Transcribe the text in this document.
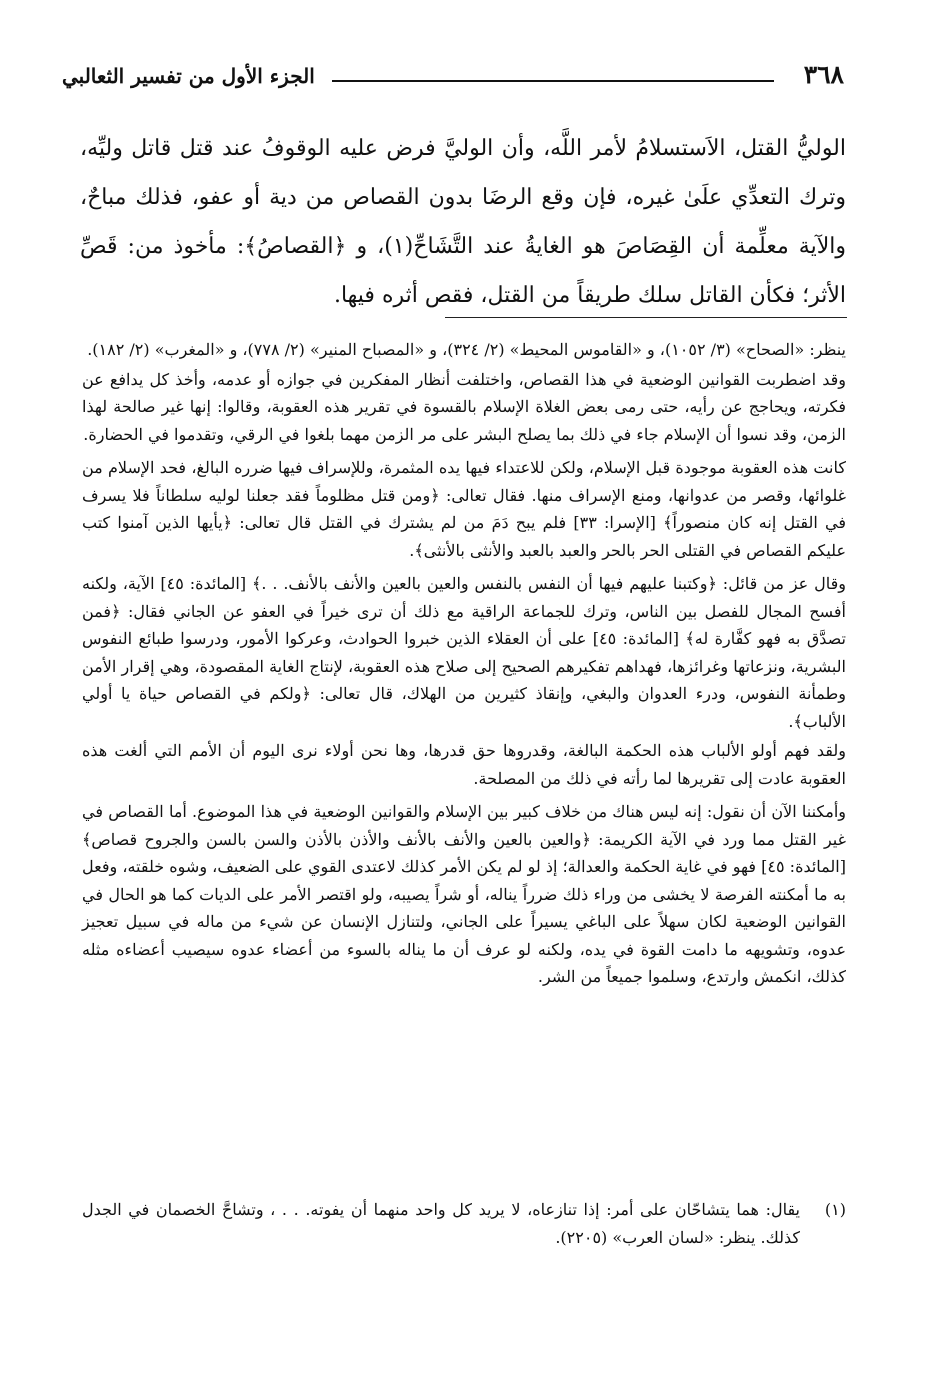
٣٦٨
الجزء الأول من تفسير الثعالبي

الوليُّ القتل، الاَستسلامُ لأمر اللَّه، وأن الوليَّ فرض عليه الوقوفُ عند قتل قاتل وليِّه، وترك التعدِّي علَىٰ غيره، فإن وقع الرضَا بدون القصاص من دية أو عفو، فذلك مباحٌ، والآية معلِّمة أن القِصَاصَ هو الغايةُ عند التَّشَاحِّ(١)، و ﴿القصاصُ﴾: مأخوذ من: قَصِّ الأثر؛ فكأن القاتل سلك طريقاً من القتل، فقص أثره فيها.

ينظر: «الصحاح» (٣/ ١٠٥٢)، و «القاموس المحيط» (٢/ ٣٢٤)، و «المصباح المنير» (٢/ ٧٧٨)، و «المغرب» (٢/ ١٨٢).

وقد اضطربت القوانين الوضعية في هذا القصاص، واختلفت أنظار المفكرين في جوازه أو عدمه، وأخذ كل يدافع عن فكرته، ويحاجج عن رأيه، حتى رمى بعض الغلاة الإسلام بالقسوة في تقرير هذه العقوبة، وقالوا: إنها غير صالحة لهذا الزمن، وقد نسوا أن الإسلام جاء في ذلك بما يصلح البشر على مر الزمن مهما بلغوا في الرقي، وتقدموا في الحضارة.

كانت هذه العقوبة موجودة قبل الإسلام، ولكن للاعتداء فيها يده المثمرة، وللإسراف فيها ضرره البالغ، فحد الإسلام من غلوائها، وقصر من عدوانها، ومنع الإسراف منها. فقال تعالى: ﴿ومن قتل مظلوماً فقد جعلنا لوليه سلطاناً فلا يسرف في القتل إنه كان منصوراً﴾ [الإسرا: ٣٣] فلم يبح دَمَ من لم يشترك في القتل قال تعالى: ﴿يأيها الذين آمنوا كتب عليكم القصاص في القتلى الحر بالحر والعبد بالعبد والأنثى بالأنثى﴾.

وقال عز من قائل: ﴿وكتبنا عليهم فيها أن النفس بالنفس والعين بالعين والأنف بالأنف. . .﴾ [المائدة: ٤٥] الآية، ولكنه أفسح المجال للفصل بين الناس، وترك للجماعة الراقية مع ذلك أن ترى خيراً في العفو عن الجاني فقال: ﴿فمن تصدَّق به فهو كفَّارة له﴾ [المائدة: ٤٥] على أن العقلاء الذين خبروا الحوادث، وعركوا الأمور، ودرسوا طبائع النفوس البشرية، ونزعاتها وغرائزها، فهداهم تفكيرهم الصحيح إلى صلاح هذه العقوبة، لإنتاج الغاية المقصودة، وهي إقرار الأمن وطمأنة النفوس، ودرء العدوان والبغي، وإنقاذ كثيرين من الهلاك، قال تعالى: ﴿ولكم في القصاص حياة يا أولي الألباب﴾.

ولقد فهم أولو الألباب هذه الحكمة البالغة، وقدروها حق قدرها، وها نحن أولاء نرى اليوم أن الأمم التي ألغت هذه العقوبة عادت إلى تقريرها لما رأته في ذلك من المصلحة.

وأمكننا الآن أن نقول: إنه ليس هناك من خلاف كبير بين الإسلام والقوانين الوضعية في هذا الموضوع. أما القصاص في غير القتل مما ورد في الآية الكريمة: ﴿والعين بالعين والأنف بالأنف والأذن بالأذن والسن بالسن والجروح قصاص﴾ [المائدة: ٤٥] فهو في غاية الحكمة والعدالة؛ إذ لو لم يكن الأمر كذلك لاعتدى القوي على الضعيف، وشوه خلقته، وفعل به ما أمكنته الفرصة لا يخشى من وراء ذلك ضرراً يناله، أو شراً يصيبه، ولو اقتصر الأمر على الديات كما هو الحال في القوانين الوضعية لكان سهلاً على الباغي يسيراً على الجاني، ولتنازل الإنسان عن شيء من ماله في سبيل تعجيز عدوه، وتشويهه ما دامت القوة في يده، ولكنه لو عرف أن ما يناله بالسوء من أعضاء عدوه سيصيب أعضاءه مثله كذلك، انكمش وارتدع، وسلموا جميعاً من الشر.

(١)
يقال: هما يتشاحّان على أمر: إذا تنازعاه، لا يريد كل واحد منهما أن يفوته. . . ، وتشاحَّ الخصمان في الجدل كذلك. ينظر: «لسان العرب» (٢٢٠٥).
